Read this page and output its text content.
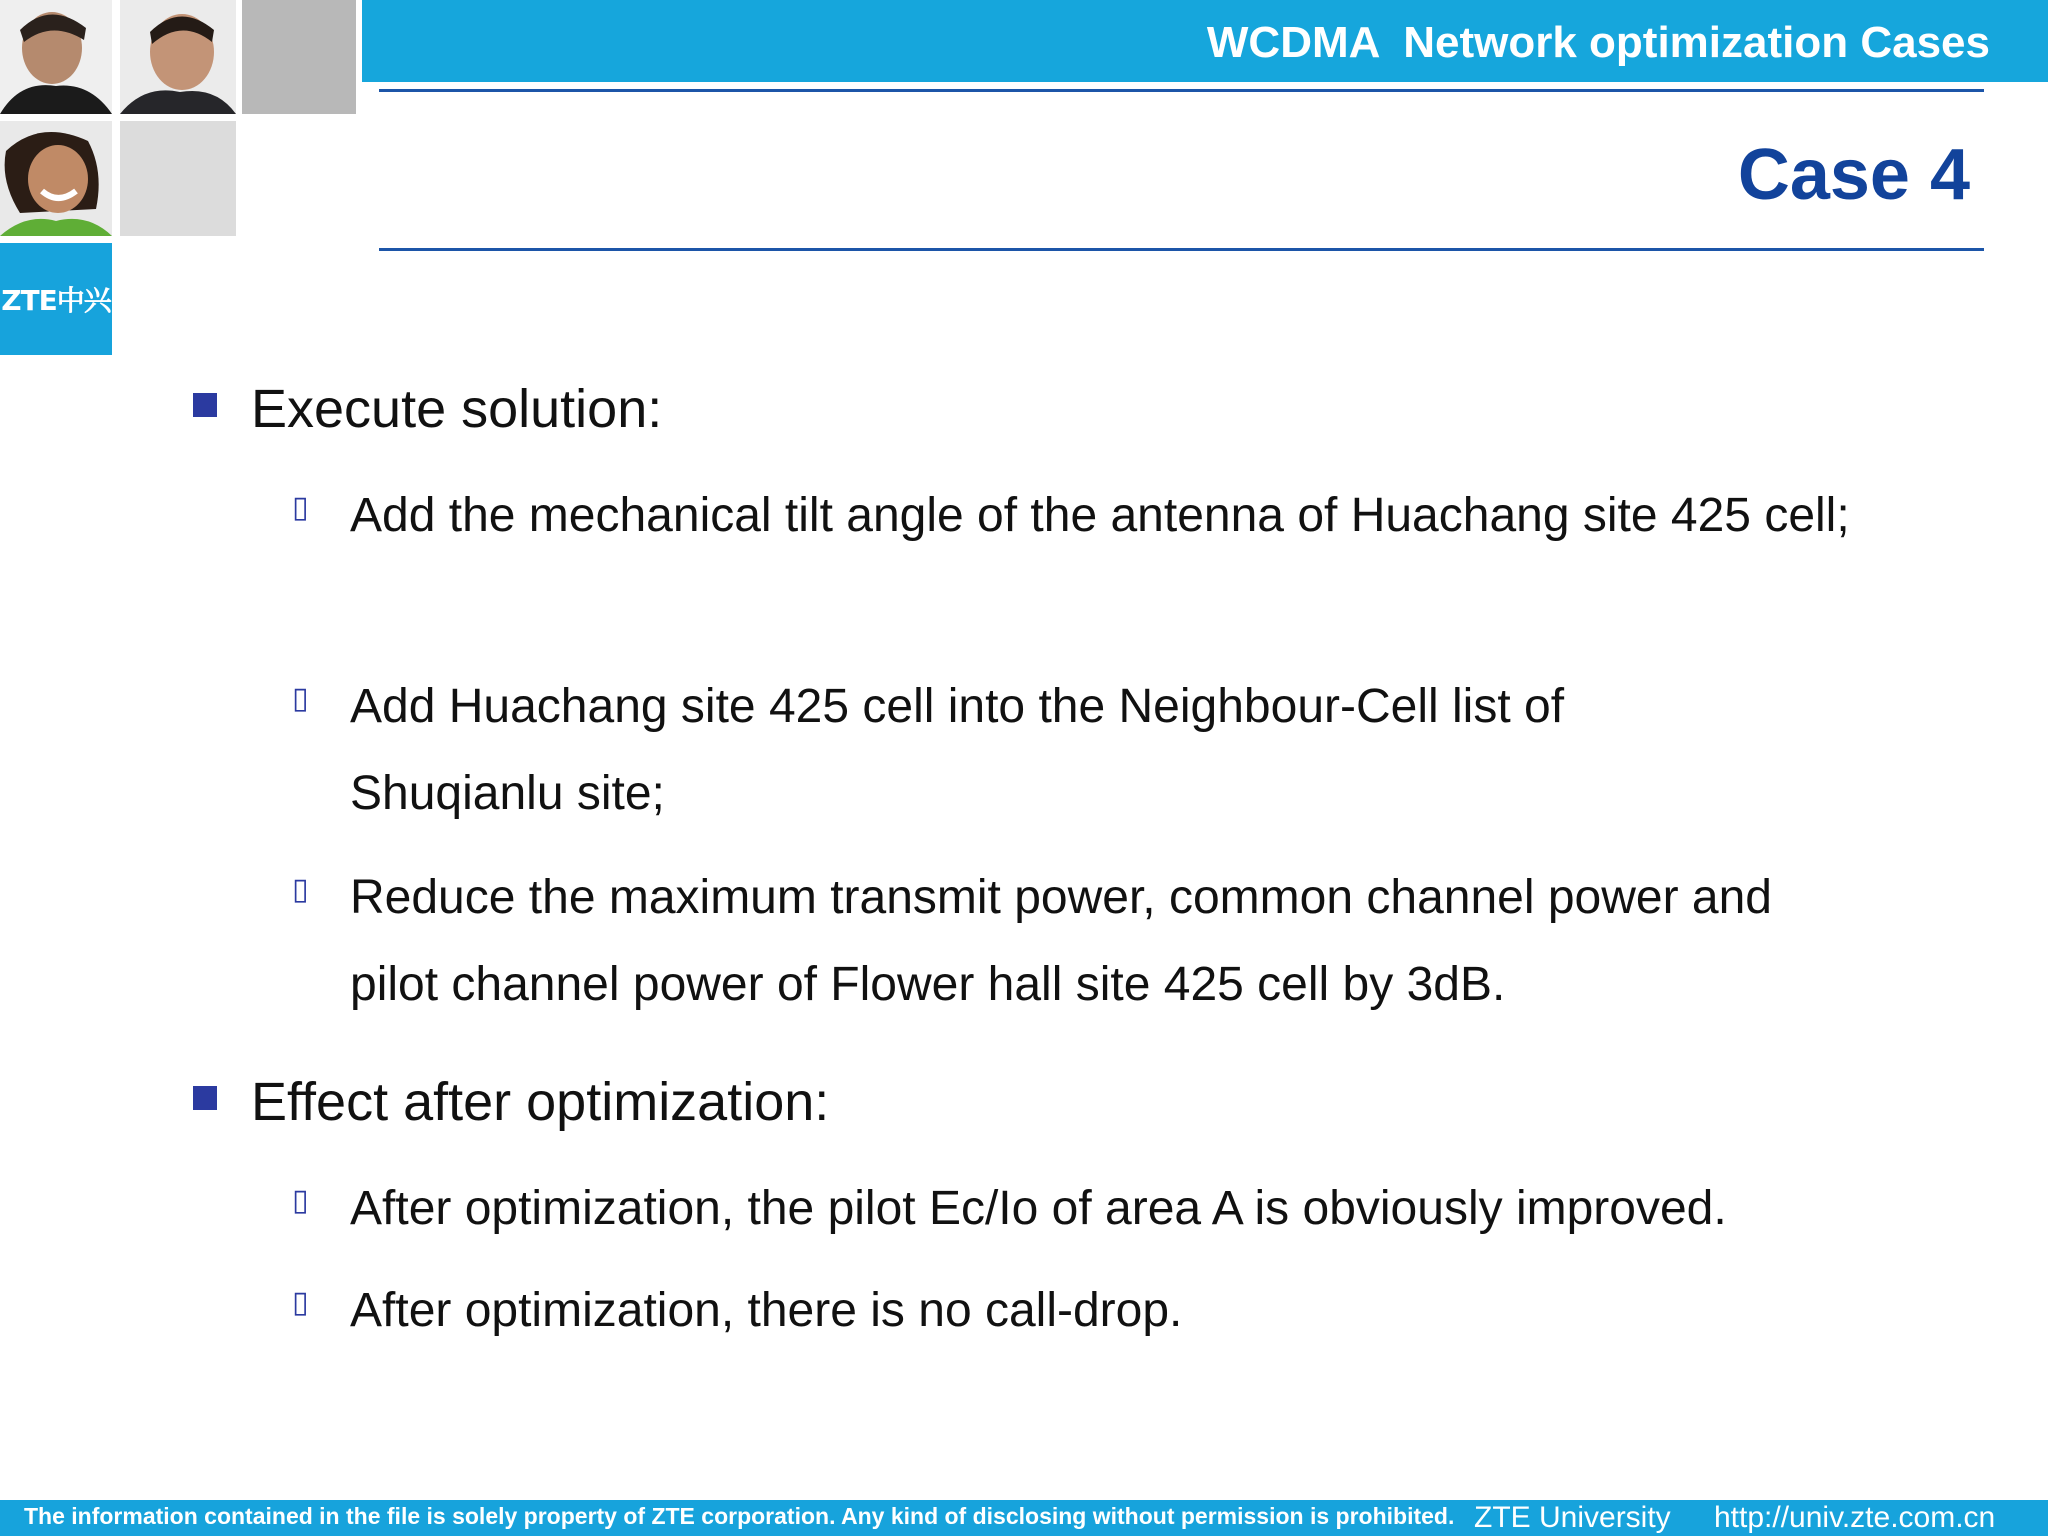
WCDMA  Network optimization Cases
Case 4
ZTE中兴
Execute solution:
▯ Add the mechanical tilt angle of the antenna of Huachang site 425 cell;
▯ Add Huachang site 425 cell into the Neighbour-Cell list of Shuqianlu site;
▯ Reduce the maximum transmit power, common channel power and pilot channel power of Flower hall site 425 cell by 3dB.
Effect after optimization:
▯ After optimization, the pilot Ec/Io of area A is obviously improved.
▯ After optimization, there is no call-drop.
The information contained in the file is solely property of ZTE corporation. Any kind of disclosing without permission is prohibited. ZTE University http://univ.zte.com.cn
